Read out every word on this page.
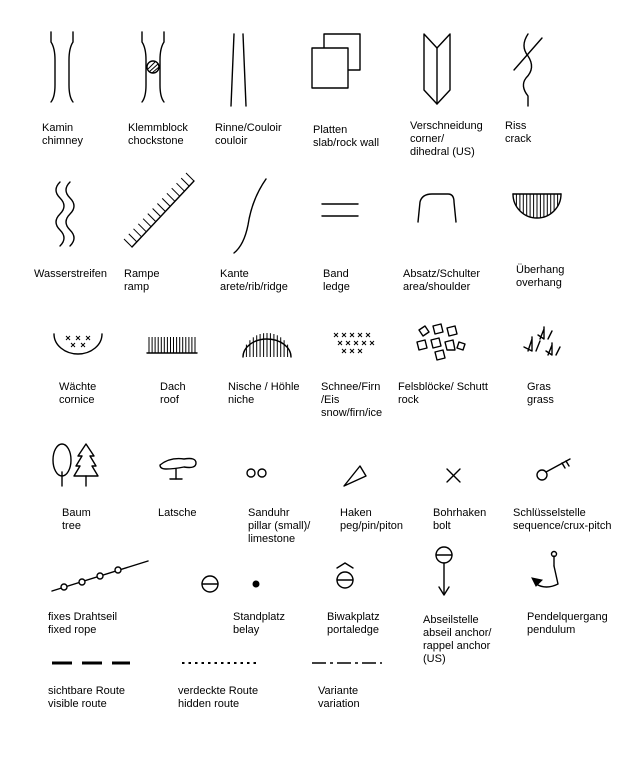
Kamin
chimney
Klemmblock
chockstone
Rinne/Couloir
couloir
Platten
slab/rock wall
Verschneidung
corner/
dihedral (US)
Riss
crack
Wasserstreifen Rampe
ramp
Kante
arete/rib/ridge
Band
ledge
Absatz/Schulter
area/shoulder
Überhang
overhang
Wächte
cornice
Dach
roof
Nische / Höhle
niche
Schnee/Firn
/Eis
snow/firn/ice
Felsblöcke/ Schutt
rock
Gras
grass
Baum
tree
Latsche	Sanduhr
pillar (small)/
limestone
Haken
peg/pin/piton
Bohrhaken
bolt
Schlüsselstelle
sequence/crux-pitch
fixes Drahtseil
fixed rope
Standplatz
belay
Biwakplatz
portaledge
Abseilstelle
abseil anchor/
rappel anchor
(US)
Pendelquergang
pendulum
sichtbare Route
visible route
verdeckte Route
hidden route
Variante
variation
